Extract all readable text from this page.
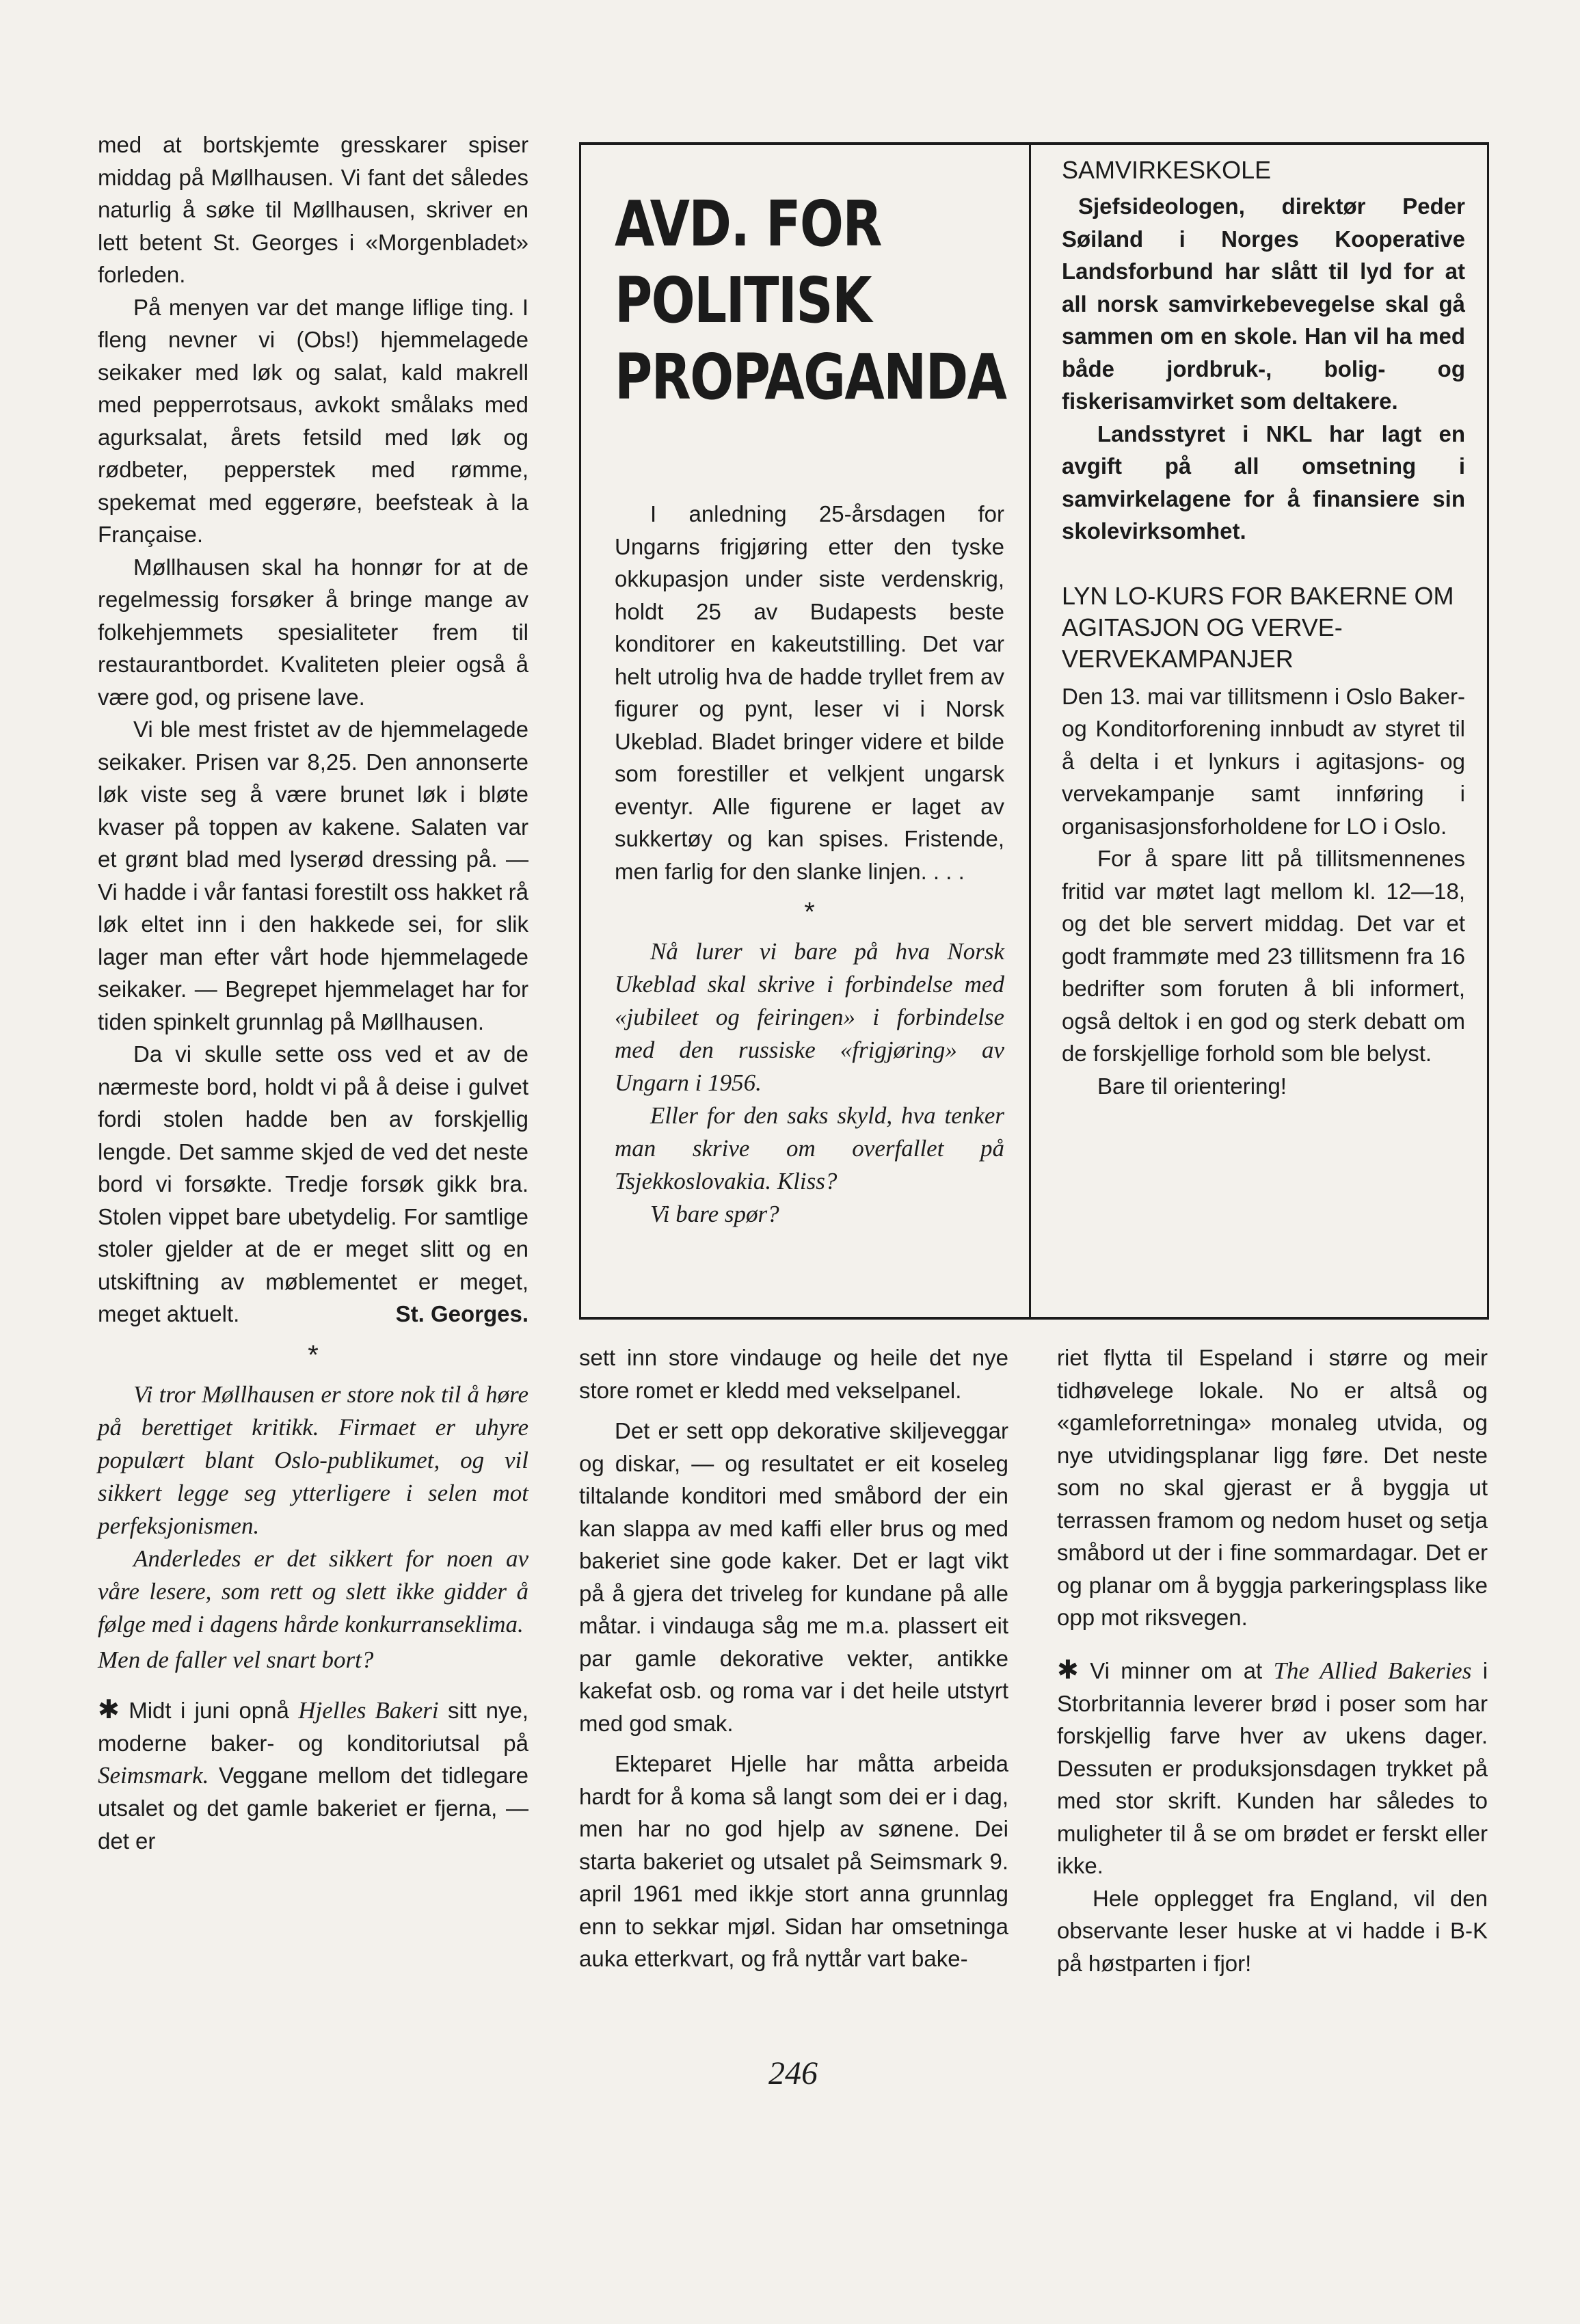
med at bortskjemte gresskarer spiser middag på Møllhausen. Vi fant det således naturlig å søke til Møllhausen, skriver en lett betent St. Georges i «Morgenbladet» forleden.

På menyen var det mange liflige ting. I fleng nevner vi (Obs!) hjemmelagede seikaker med løk og salat, kald makrell med pepperrotsaus, avkokt smålaks med agurksalat, årets fetsild med løk og rødbeter, pepperstek med rømme, spekemat med eggerøre, beefsteak à la Française.

Møllhausen skal ha honnør for at de regelmessig forsøker å bringe mange av folkehjemmets spesialiteter frem til restaurantbordet. Kvaliteten pleier også å være god, og prisene lave.

Vi ble mest fristet av de hjemmelagede seikaker. Prisen var 8,25. Den annonserte løk viste seg å være brunet løk i bløte kvaser på toppen av kakene. Salaten var et grønt blad med lyserød dressing på. — Vi hadde i vår fantasi forestilt oss hakket rå løk eltet inn i den hakkede sei, for slik lager man efter vårt hode hjemmelagede seikaker. — Begrepet hjemmelaget har for tiden spinkelt grunnlag på Møllhausen.

Da vi skulle sette oss ved et av de nærmeste bord, holdt vi på å deise i gulvet fordi stolen hadde ben av forskjellig lengde. Det samme skjed de ved det neste bord vi forsøkte. Tredje forsøk gikk bra. Stolen vippet bare ubetydelig. For samtlige stoler gjelder at de er meget slitt og en utskiftning av møblementet er meget, meget aktuelt.	St. Georges.

*

Vi tror Møllhausen er store nok til å høre på berettiget kritikk. Firmaet er uhyre populært blant Oslo-publikumet, og vil sikkert legge seg ytterligere i selen mot perfeksjonismen.

Anderledes er det sikkert for noen av våre lesere, som rett og slett ikke gidder å følge med i dagens hårde konkurranseklima.

Men de faller vel snart bort?

✱ Midt i juni opnå Hjelles Bakeri sitt nye, moderne baker- og konditoriutsal på Seimsmark. Veggane mellom det tidlegare utsalet og det gamle bakeriet er fjerna, — det er

AVD. FOR
POLITISK
PROPAGANDA

I anledning 25-årsdagen for Ungarns frigjøring etter den tyske okkupasjon under siste verdenskrig, holdt 25 av Budapests beste konditorer en kakeutstilling. Det var helt utrolig hva de hadde tryllet frem av figurer og pynt, leser vi i Norsk Ukeblad. Bladet bringer videre et bilde som forestiller et velkjent ungarsk eventyr. Alle figurene er laget av sukkertøy og kan spises. Fristende, men farlig for den slanke linjen. . . .

*

Nå lurer vi bare på hva Norsk Ukeblad skal skrive i forbindelse med «jubileet og feiringen» i forbindelse med den russiske «frigjøring» av Ungarn i 1956.

Eller for den saks skyld, hva tenker man skrive om overfallet på Tsjekkoslovakia. Kliss?

Vi bare spør?

SAMVIRKESKOLE

Sjefsideologen, direktør Peder Søiland i Norges Kooperative Landsforbund har slått til lyd for at all norsk samvirkebevegelse skal gå sammen om en skole. Han vil ha med både jordbruk-, bolig- og fiskerisamvirket som deltakere.

Landsstyret i NKL har lagt en avgift på all omsetning i samvirkelagene for å finansiere sin skolevirksomhet.

LYN LO-KURS FOR BAKERNE OM AGITASJON OG VERVE-VERVEKAMPANJER

Den 13. mai var tillitsmenn i Oslo Baker- og Konditorforening innbudt av styret til å delta i et lynkurs i agitasjons- og vervekampanje samt innføring i organisasjonsforholdene for LO i Oslo.

For å spare litt på tillitsmennenes fritid var møtet lagt mellom kl. 12—18, og det ble servert middag. Det var et godt frammøte med 23 tillitsmenn fra 16 bedrifter som foruten å bli informert, også deltok i en god og sterk debatt om de forskjellige forhold som ble belyst.

Bare til orientering!

sett inn store vindauge og heile det nye store romet er kledd med vekselpanel.

Det er sett opp dekorative skiljeveggar og diskar, — og resultatet er eit koseleg tiltalande konditori med småbord der ein kan slappa av med kaffi eller brus og med bakeriet sine gode kaker. Det er lagt vikt på å gjera det triveleg for kundane på alle måtar. i vindauga såg me m.a. plassert eit par gamle dekorative vekter, antikke kakefat osb. og roma var i det heile utstyrt med god smak.

Ekteparet Hjelle har måtta arbeida hardt for å koma så langt som dei er i dag, men har no god hjelp av sønene. Dei starta bakeriet og utsalet på Seimsmark 9. april 1961 med ikkje stort anna grunnlag enn to sekkar mjøl. Sidan har omsetninga auka etterkvart, og frå nyttår vart bake-

riet flytta til Espeland i større og meir tidhøvelege lokale. No er altså og «gamleforretninga» monaleg utvida, og nye utvidingsplanar ligg føre. Det neste som no skal gjerast er å byggja ut terrassen framom og nedom huset og setja småbord ut der i fine sommardagar. Det er og planar om å byggja parkeringsplass like opp mot riksvegen.

✱ Vi minner om at The Allied Bakeries i Storbritannia leverer brød i poser som har forskjellig farve hver av ukens dager. Dessuten er produksjonsdagen trykket på med stor skrift. Kunden har således to muligheter til å se om brødet er ferskt eller ikke.

Hele opplegget fra England, vil den observante leser huske at vi hadde i B-K på høstparten i fjor!

246
